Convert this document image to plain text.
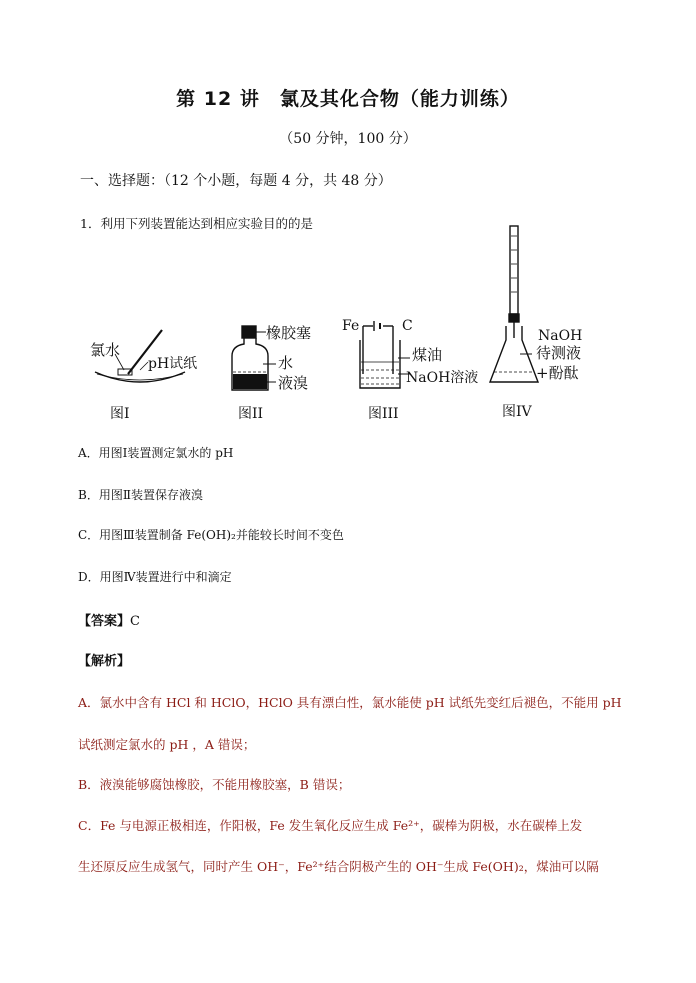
第 12 讲　氯及其化合物（能力训练）
（50 分钟，100 分）
一、选择题：（12 个小题，每题 4 分，共 48 分）
1．利用下列装置能达到相应实验目的的是
氯水
pH试纸
图I
橡胶塞
水
液溴
图II
Fe	C
煤油
NaOH溶液
图III
NaOH
待测液
+酚酞
图IV
A．用图Ⅰ装置测定氯水的 pH
B．用图Ⅱ装置保存液溴
C．用图Ⅲ装置制备 Fe(OH)₂并能较长时间不变色
D．用图Ⅳ装置进行中和滴定
【答案】C
【解析】
A．氯水中含有 HCl 和 HClO，HClO 具有漂白性，氯水能使 pH 试纸先变红后褪色，不能用 pH
试纸测定氯水的 pH ，A 错误；
B．液溴能够腐蚀橡胶，不能用橡胶塞，B 错误；
C．Fe 与电源正极相连，作阳极，Fe 发生氧化反应生成 Fe²⁺，碳棒为阴极，水在碳棒上发
生还原反应生成氢气，同时产生 OH⁻，Fe²⁺结合阴极产生的 OH⁻生成 Fe(OH)₂，煤油可以隔
